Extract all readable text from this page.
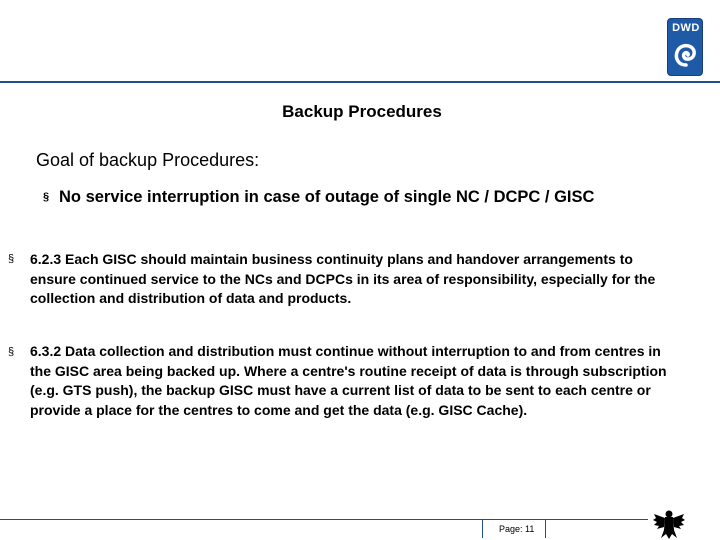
DWD
Backup Procedures
Goal of backup Procedures:
§ No service interruption in case of outage of single NC / DCPC / GISC
§ 6.2.3 Each GISC should maintain business continuity plans and handover arrangements to ensure continued service to the NCs and DCPCs in its area of responsibility, especially for the collection and distribution of data and products.
§ 6.3.2 Data collection and distribution must continue without interruption to and from centres in the GISC area being backed up. Where a centre's routine receipt of data is through subscription (e.g. GTS push), the backup GISC must have a current list of data to be sent to each centre or provide a place for the centres to come and get the data (e.g. GISC Cache).
Page: 11
